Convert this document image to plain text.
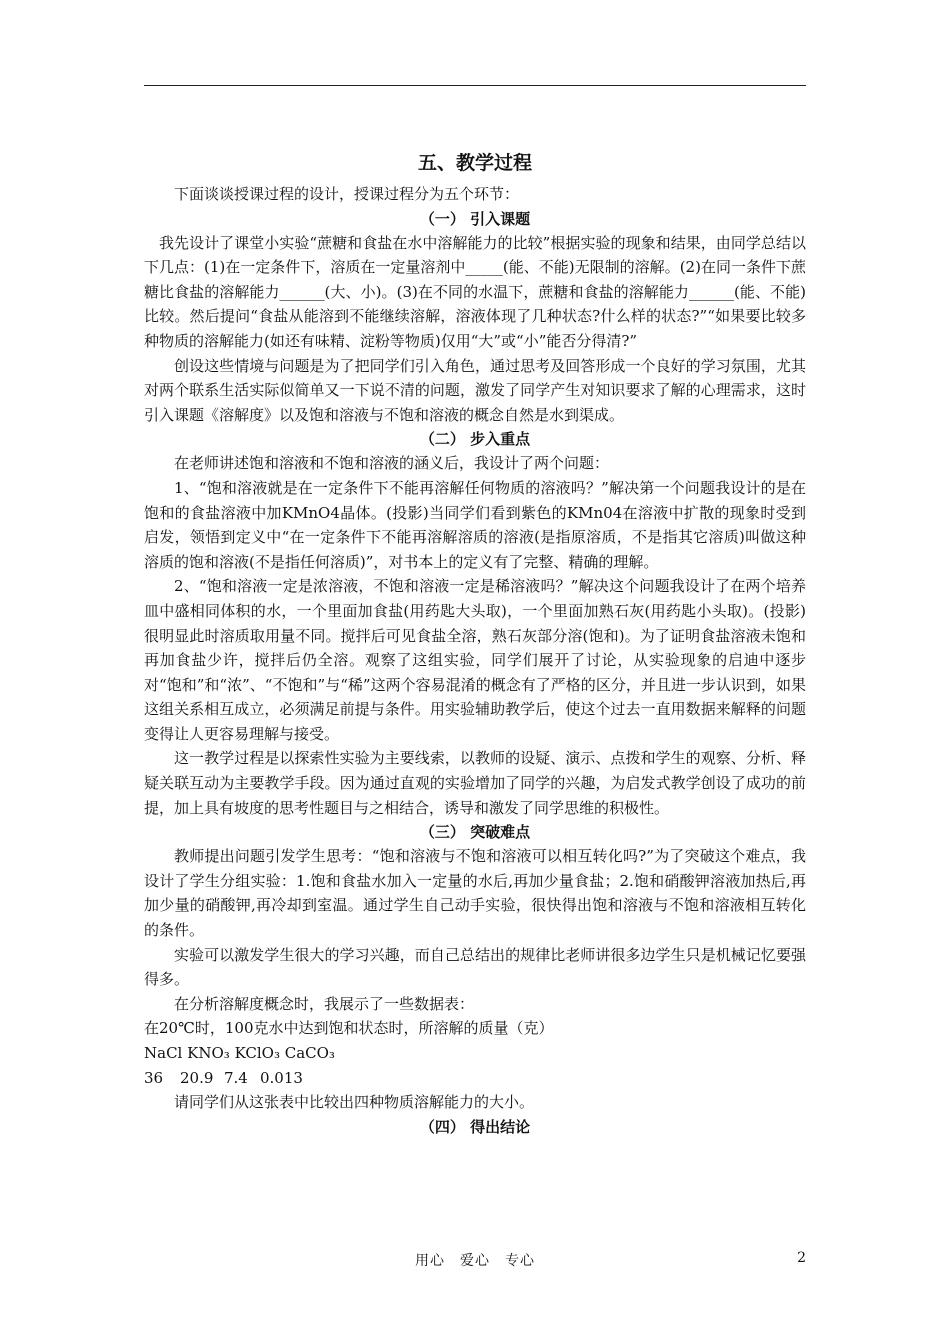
五、教学过程

下面谈谈授课过程的设计，授课过程分为五个环节：

（一） 引入课题

我先设计了课堂小实验“蔗糖和食盐在水中溶解能力的比较”根据实验的现象和结果，由同学总结以下几点：(1)在一定条件下，溶质在一定量溶剂中_____(能、不能)无限制的溶解。(2)在同一条件下蔗糖比食盐的溶解能力______(大、小)。(3)在不同的水温下，蔗糖和食盐的溶解能力______(能、不能)比较。然后提问“食盐从能溶到不能继续溶解，溶液体现了几种状态?什么样的状态?”“如果要比较多种物质的溶解能力(如还有味精、淀粉等物质)仅用“大”或“小”能否分得清?”

创设这些情境与问题是为了把同学们引入角色，通过思考及回答形成一个良好的学习氛围，尤其对两个联系生活实际似简单又一下说不清的问题，激发了同学产生对知识要求了解的心理需求，这时引入课题《溶解度》以及饱和溶液与不饱和溶液的概念自然是水到渠成。

（二） 步入重点

在老师讲述饱和溶液和不饱和溶液的涵义后，我设计了两个问题：

1、“饱和溶液就是在一定条件下不能再溶解任何物质的溶液吗？”解决第一个问题我设计的是在饱和的食盐溶液中加KMnO4晶体。(投影)当同学们看到紫色的KMn04在溶液中扩散的现象时受到启发，领悟到定义中“在一定条件下不能再溶解溶质的溶液(是指原溶质，不是指其它溶质)叫做这种溶质的饱和溶液(不是指任何溶质)”，对书本上的定义有了完整、精确的理解。

2、“饱和溶液一定是浓溶液，不饱和溶液一定是稀溶液吗？”解决这个问题我设计了在两个培养皿中盛相同体积的水，一个里面加食盐(用药匙大头取)，一个里面加熟石灰(用药匙小头取)。(投影)很明显此时溶质取用量不同。搅拌后可见食盐全溶，熟石灰部分溶(饱和)。为了证明食盐溶液未饱和再加食盐少许，搅拌后仍全溶。观察了这组实验，同学们展开了讨论，从实验现象的启迪中逐步对“饱和”和“浓”、“不饱和”与“稀”这两个容易混淆的概念有了严格的区分，并且进一步认识到，如果这组关系相互成立，必须满足前提与条件。用实验辅助教学后，使这个过去一直用数据来解释的问题变得让人更容易理解与接受。

这一教学过程是以探索性实验为主要线索，以教师的设疑、演示、点拨和学生的观察、分析、释疑关联互动为主要教学手段。因为通过直观的实验增加了同学的兴趣，为启发式教学创设了成功的前提，加上具有坡度的思考性题目与之相结合，诱导和激发了同学思维的积极性。

（三） 突破难点

教师提出问题引发学生思考：“饱和溶液与不饱和溶液可以相互转化吗?”为了突破这个难点，我设计了学生分组实验：1.饱和食盐水加入一定量的水后,再加少量食盐；2.饱和硝酸钾溶液加热后,再加少量的硝酸钾,再冷却到室温。通过学生自己动手实验，很快得出饱和溶液与不饱和溶液相互转化的条件。

实验可以激发学生很大的学习兴趣，而自己总结出的规律比老师讲很多边学生只是机械记忆要强得多。

在分析溶解度概念时，我展示了一些数据表：

在20℃时，100克水中达到饱和状态时，所溶解的质量（克）

NaCl KNO₃ KClO₃ CaCO₃
36 20.9 7.4 0.013

请同学们从这张表中比较出四种物质溶解能力的大小。

（四） 得出结论
用心　爱心　专心	2
